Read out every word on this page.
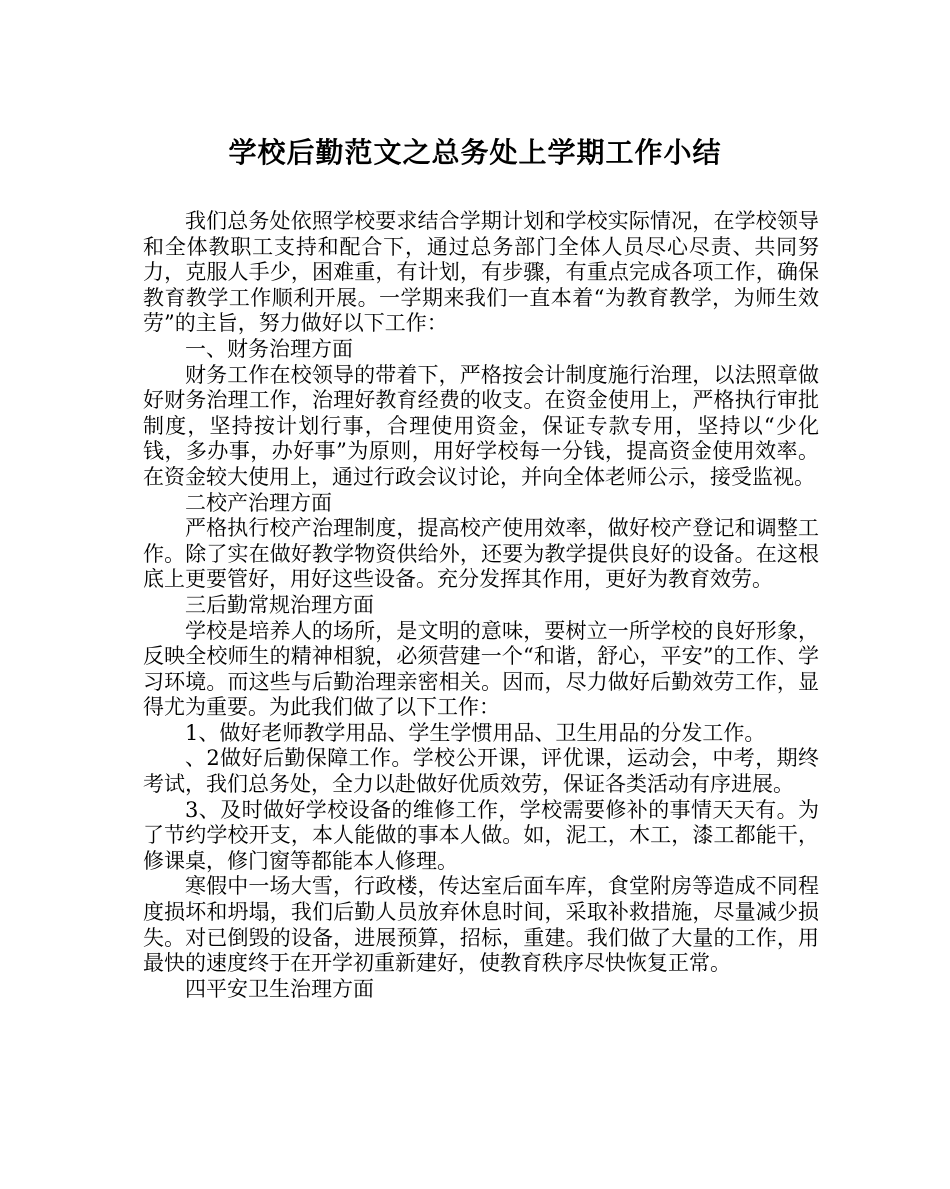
学校后勤范文之总务处上学期工作小结

我们总务处依照学校要求结合学期计划和学校实际情况，在学校领导和全体教职工支持和配合下，通过总务部门全体人员尽心尽责、共同努力，克服人手少，困难重，有计划，有步骤，有重点完成各项工作，确保教育教学工作顺利开展。一学期来我们一直本着“为教育教学，为师生效劳”的主旨，努力做好以下工作：

一、财务治理方面

财务工作在校领导的带着下，严格按会计制度施行治理，以法照章做好财务治理工作，治理好教育经费的收支。在资金使用上，严格执行审批制度，坚持按计划行事，合理使用资金，保证专款专用，坚持以“少化钱，多办事，办好事”为原则，用好学校每一分钱，提高资金使用效率。在资金较大使用上，通过行政会议讨论，并向全体老师公示，接受监视。

二校产治理方面

严格执行校产治理制度，提高校产使用效率，做好校产登记和调整工作。除了实在做好教学物资供给外，还要为教学提供良好的设备。在这根底上更要管好，用好这些设备。充分发挥其作用，更好为教育效劳。

三后勤常规治理方面

学校是培养人的场所，是文明的意味，要树立一所学校的良好形象，反映全校师生的精神相貌，必须营建一个“和谐，舒心，平安”的工作、学习环境。而这些与后勤治理亲密相关。因而，尽力做好后勤效劳工作，显得尤为重要。为此我们做了以下工作：

1、做好老师教学用品、学生学惯用品、卫生用品的分发工作。

、2做好后勤保障工作。学校公开课，评优课，运动会，中考，期终考试，我们总务处，全力以赴做好优质效劳，保证各类活动有序进展。

3、及时做好学校设备的维修工作，学校需要修补的事情天天有。为了节约学校开支，本人能做的事本人做。如，泥工，木工，漆工都能干，修课桌，修门窗等都能本人修理。

寒假中一场大雪，行政楼，传达室后面车库，食堂附房等造成不同程度损坏和坍塌，我们后勤人员放弃休息时间，采取补救措施，尽量减少损失。对已倒毁的设备，进展预算，招标，重建。我们做了大量的工作，用最快的速度终于在开学初重新建好，使教育秩序尽快恢复正常。

四平安卫生治理方面
